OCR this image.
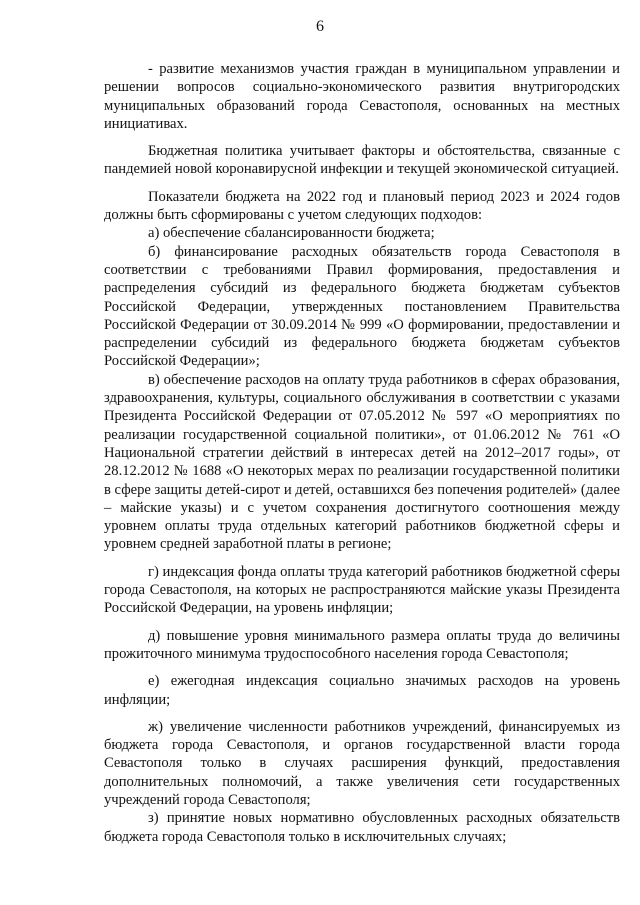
6

- развитие механизмов участия граждан в муниципальном управлении и решении вопросов социально-экономического развития внутригородских муниципальных образований города Севастополя, основанных на местных инициативах.

Бюджетная политика учитывает факторы и обстоятельства, связанные с пандемией новой коронавирусной инфекции и текущей экономической ситуацией.

Показатели бюджета на 2022 год и плановый период 2023 и 2024 годов должны быть сформированы с учетом следующих подходов:

а) обеспечение сбалансированности бюджета;

б) финансирование расходных обязательств города Севастополя в соответствии с требованиями Правил формирования, предоставления и распределения субсидий из федерального бюджета бюджетам субъектов Российской Федерации, утвержденных постановлением Правительства Российской Федерации от 30.09.2014 № 999 «О формировании, предоставлении и распределении субсидий из федерального бюджета бюджетам субъектов Российской Федерации»;

в) обеспечение расходов на оплату труда работников в сферах образования, здравоохранения, культуры, социального обслуживания в соответствии с указами Президента Российской Федерации от 07.05.2012 № 597 «О мероприятиях по реализации государственной социальной политики», от 01.06.2012 № 761 «О Национальной стратегии действий в интересах детей на 2012–2017 годы», от 28.12.2012 № 1688 «О некоторых мерах по реализации государственной политики в сфере защиты детей-сирот и детей, оставшихся без попечения родителей» (далее – майские указы) и с учетом сохранения достигнутого соотношения между уровнем оплаты труда отдельных категорий работников бюджетной сферы и уровнем средней заработной платы в регионе;

г) индексация фонда оплаты труда категорий работников бюджетной сферы города Севастополя, на которых не распространяются майские указы Президента Российской Федерации, на уровень инфляции;

д) повышение уровня минимального размера оплаты труда до величины прожиточного минимума трудоспособного населения города Севастополя;

е) ежегодная индексация социально значимых расходов на уровень инфляции;

ж) увеличение численности работников учреждений, финансируемых из бюджета города Севастополя, и органов государственной власти города Севастополя только в случаях расширения функций, предоставления дополнительных полномочий, а также увеличения сети государственных учреждений города Севастополя;

з) принятие новых нормативно обусловленных расходных обязательств бюджета города Севастополя только в исключительных случаях;
